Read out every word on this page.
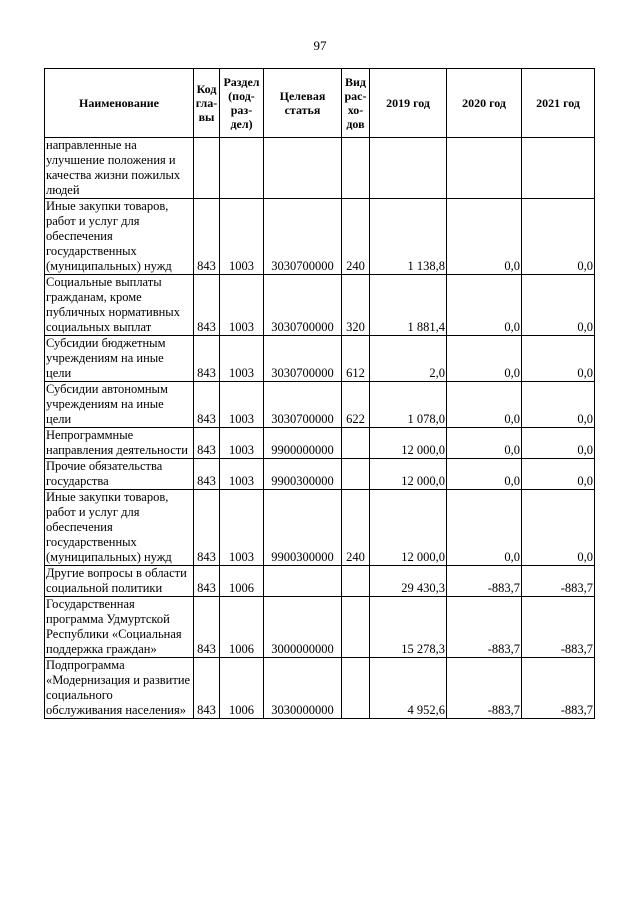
97
Наименование	Код гла- вы	Раздел (под- раз- дел)	Целевая статья	Вид рас- хо- дов	2019 год	2020 год	2021 год
направленные на улучшение положения и качества жизни пожилых людей							
Иные закупки товаров, работ и услуг для обеспечения государственных (муниципальных) нужд	843	1003	3030700000	240	1 138,8	0,0	0,0
Социальные выплаты гражданам, кроме публичных нормативных социальных выплат	843	1003	3030700000	320	1 881,4	0,0	0,0
Субсидии бюджетным учреждениям на иные цели	843	1003	3030700000	612	2,0	0,0	0,0
Субсидии автономным учреждениям на иные цели	843	1003	3030700000	622	1 078,0	0,0	0,0
Непрограммные направления деятельности	843	1003	9900000000		12 000,0	0,0	0,0
Прочие обязательства государства	843	1003	9900300000		12 000,0	0,0	0,0
Иные закупки товаров, работ и услуг для обеспечения государственных (муниципальных) нужд	843	1003	9900300000	240	12 000,0	0,0	0,0
Другие вопросы в области социальной политики	843	1006			29 430,3	-883,7	-883,7
Государственная программа Удмуртской Республики «Социальная поддержка граждан»	843	1006	3000000000		15 278,3	-883,7	-883,7
Подпрограмма «Модернизация и развитие социального обслуживания населения»	843	1006	3030000000		4 952,6	-883,7	-883,7
